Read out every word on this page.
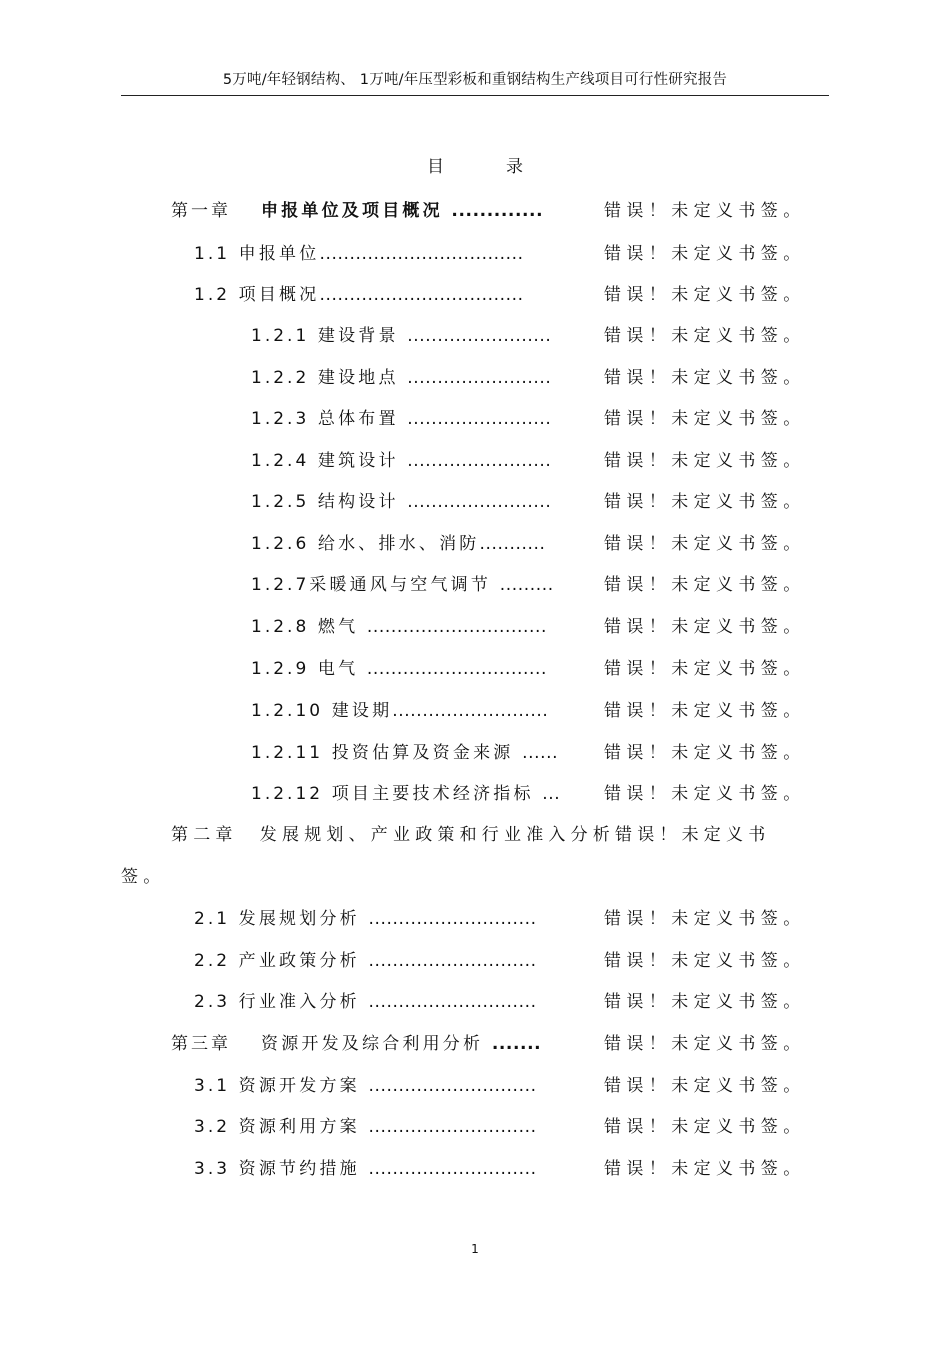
5万吨/年轻钢结构、 1万吨/年压型彩板和重钢结构生产线项目可行性研究报告
目	录
第一章 申报单位及项目概况 .............	错误！未定义书签。
1.1 申报单位..................................	错误！未定义书签。
1.2 项目概况..................................	错误！未定义书签。
1.2.1 建设背景 ........................	错误！未定义书签。
1.2.2 建设地点 ........................	错误！未定义书签。
1.2.3 总体布置 ........................	错误！未定义书签。
1.2.4 建筑设计 ........................	错误！未定义书签。
1.2.5 结构设计 ........................	错误！未定义书签。
1.2.6 给水、排水、消防...........	错误！未定义书签。
1.2.7采暖通风与空气调节 .........	错误！未定义书签。
1.2.8 燃气 ..............................	错误！未定义书签。
1.2.9 电气 ..............................	错误！未定义书签。
1.2.10 建设期..........................	错误！未定义书签。
1.2.11 投资估算及资金来源 ......	错误！未定义书签。
1.2.12 项目主要技术经济指标 ...	错误！未定义书签。
第二章　发展规划、产业政策和行业准入分析错误！未定义书
签。
2.1 发展规划分析 ............................	错误！未定义书签。
2.2 产业政策分析 ............................	错误！未定义书签。
2.3 行业准入分析 ............................	错误！未定义书签。
第三章 资源开发及综合利用分析 .......	错误！未定义书签。
3.1 资源开发方案 ............................	错误！未定义书签。
3.2 资源利用方案 ............................	错误！未定义书签。
3.3 资源节约措施 ............................	错误！未定义书签。
1
